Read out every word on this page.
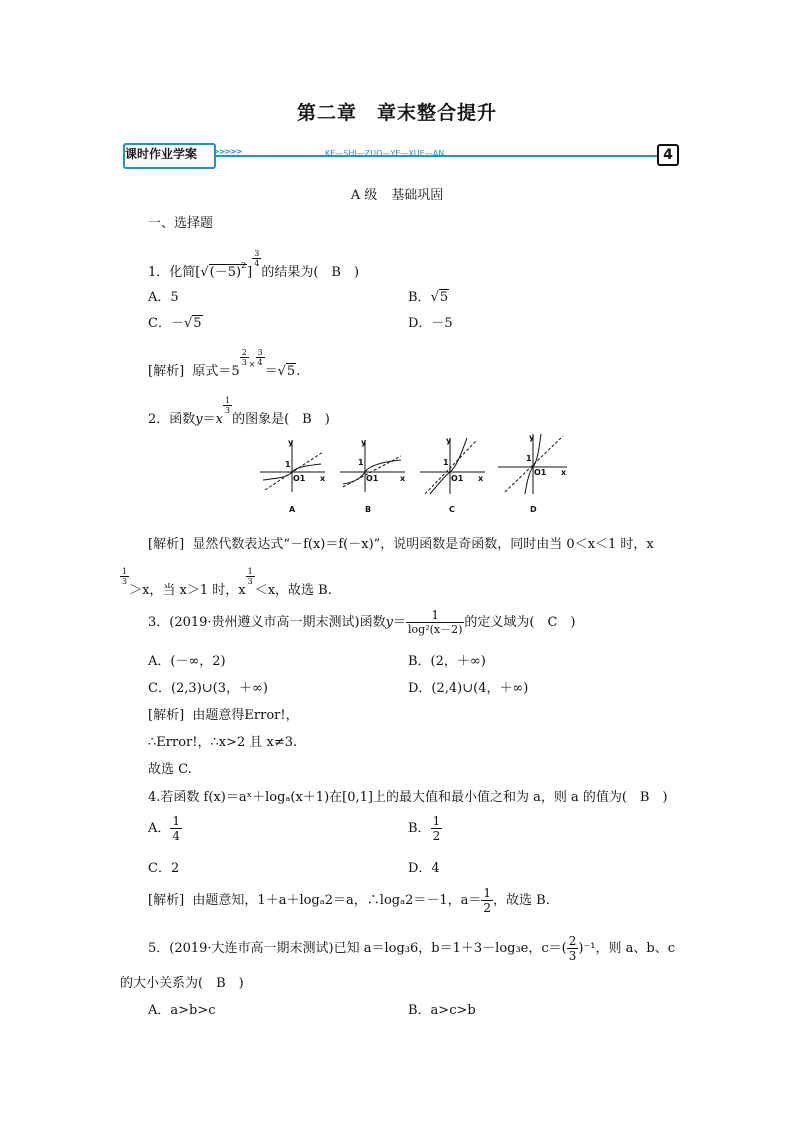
第二章 章末整合提升
课时作业学案 >>>>>	KE—SHI—ZUO—YE—XUE—AN	4
A 级 基础巩固
一、选择题
1．化简$[√(-5)^2]$
$\frac{3}{4}$
的结果为(　B　)
A．5	B．√5
C．－√5	D．－5
[解析] 原式＝5
$\frac{2}{3} ^\times \frac{3}{4}$
＝√5.
2．函数y＝x
$\frac{1}{3}$
的图象是(　B　)
y
x
1
O1
A
y
x
1
O1
B
y
x
1
O1
C
y
x
1
O1
D
[解析] 显然代数表达式“－f(x)＝f(－x)”，说明函数是奇函数，同时由当 0＜x＜1 时，x
$\frac{1}{3}$
＞x，当 x＞1 时，x
$\frac{1}{3}$
＜x，故选 B.
3．(2019·贵州遵义市高一期末测试)函数$y= \frac{1}{\text{log²(x－2)}}$ 的定义域为(　C　)
A．(－∞，2)	B．(2，＋∞)
C．(2,3)∪(3，＋∞)	D．(2,4)∪(4，＋∞)
[解析] 由题意得Error!，
∴Error!，∴x>2 且 x≠3.
故选 C.
4.若函数 f(x)＝aˣ＋logₐ(x＋1)在[0,1]上的最大值和最小值之和为 a，则 a 的值为(　B　)
A． $\frac{1}{4}$	B． $\frac{1}{2}$
C．2	D．4
[解析] 由题意知，1＋a＋logₐ2＝a，∴logₐ2＝－1，$a= \frac{1}{2}$ ，故选 B.
5．(2019·大连市高一期末测试)已知 a＝log₃6，b＝1＋3－log₃e，$c=( \frac{2}{3} )^{-1}$，则 a、b、c
的大小关系为(　B　)
A．a>b>c	B．a>c>b
